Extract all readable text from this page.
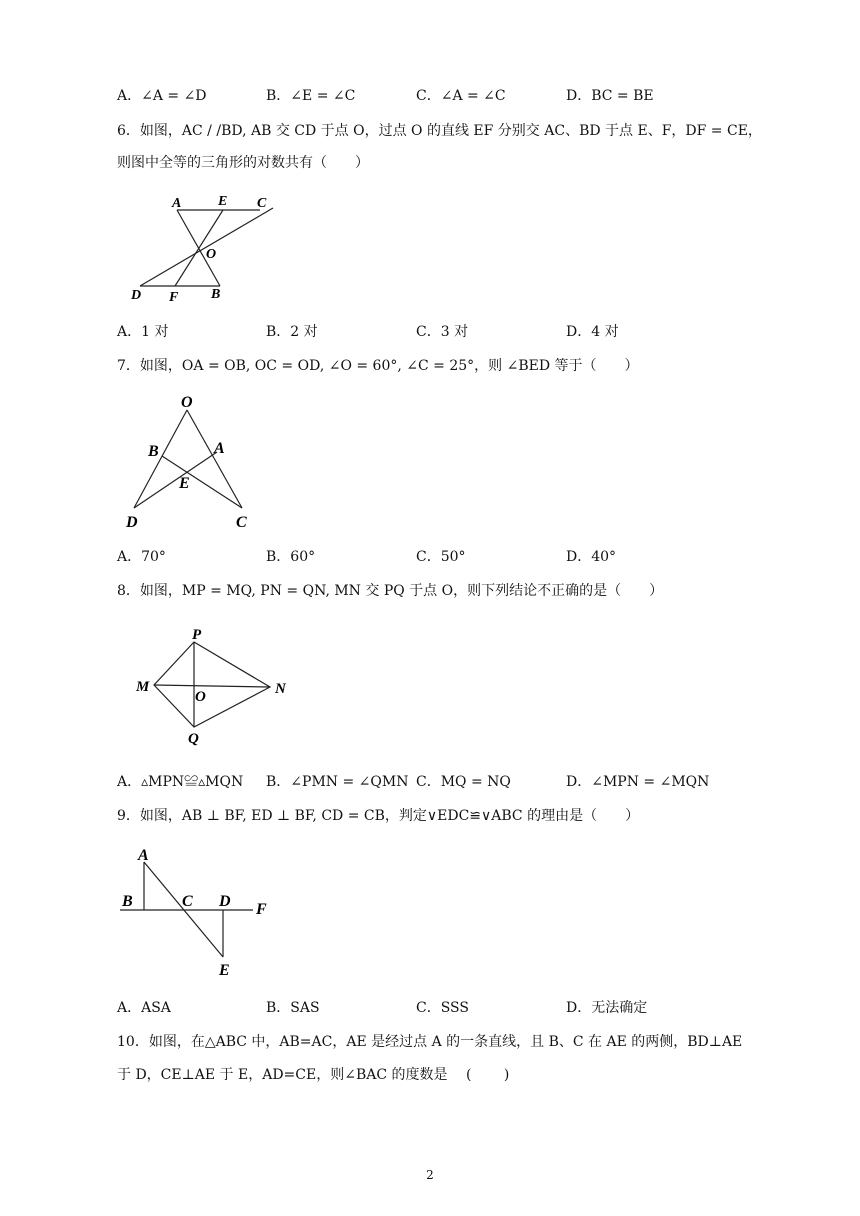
A．∠A = ∠D	B．∠E = ∠C	C．∠A = ∠C	D．BC = BE
6．如图，AC / /BD, AB 交 CD 于点 O，过点 O 的直线 EF 分别交 AC、BD 于点 E、F，DF = CE，
则图中全等的三角形的对数共有（　　）
A	E C
O
D F B
A．1 对	B．2 对	C．3 对	D．4 对
7．如图，OA = OB, OC = OD, ∠O = 60°, ∠C = 25°，则 ∠BED 等于（　　）
O
B	A
E
D	C
A．70°	B．60°	C．50°	D．40°
8．如图，MP = MQ, PN = QN, MN 交 PQ 于点 O，则下列结论不正确的是（　　）
P
M
O	N
Q
A．▵MPN≌▵MQN B．∠PMN = ∠QMN C．MQ = NQ	D．∠MPN = ∠MQN
9．如图，AB ⊥ BF, ED ⊥ BF, CD = CB，判定∨EDC≌∨ABC 的理由是（　　）
A
B	C D F
E
A．ASA	B．SAS	C．SSS	D．无法确定
10．如图，在△ABC 中，AB=AC，AE 是经过点 A 的一条直线，且 B、C 在 AE 的两侧，BD⊥AE
于 D，CE⊥AE 于 E，AD=CE，则∠BAC 的度数是　 (　　 )
2
